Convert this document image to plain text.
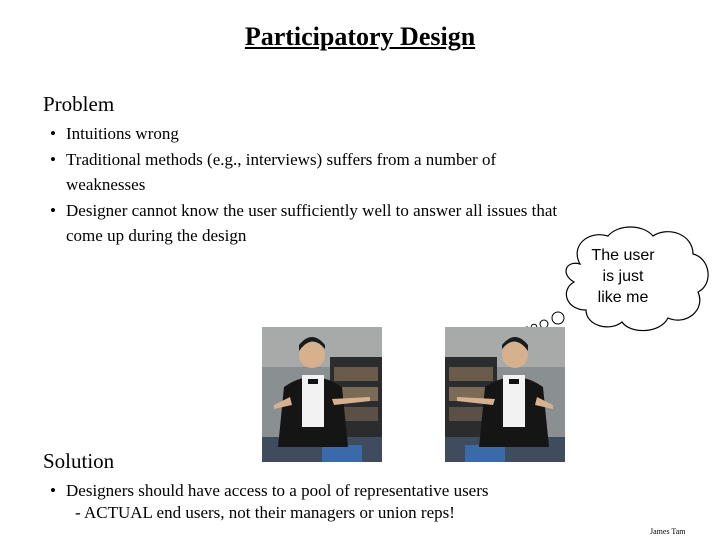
Participatory Design
Problem
• Intuitions wrong
• Traditional methods (e.g., interviews) suffers from a number of
weaknesses
• Designer cannot know the user sufficiently well to answer all issues that
come up during the design
The user
is just
like me
Solution
• Designers should have access to a pool of representative users
- ACTUAL end users, not their managers or union reps!
James Tam
